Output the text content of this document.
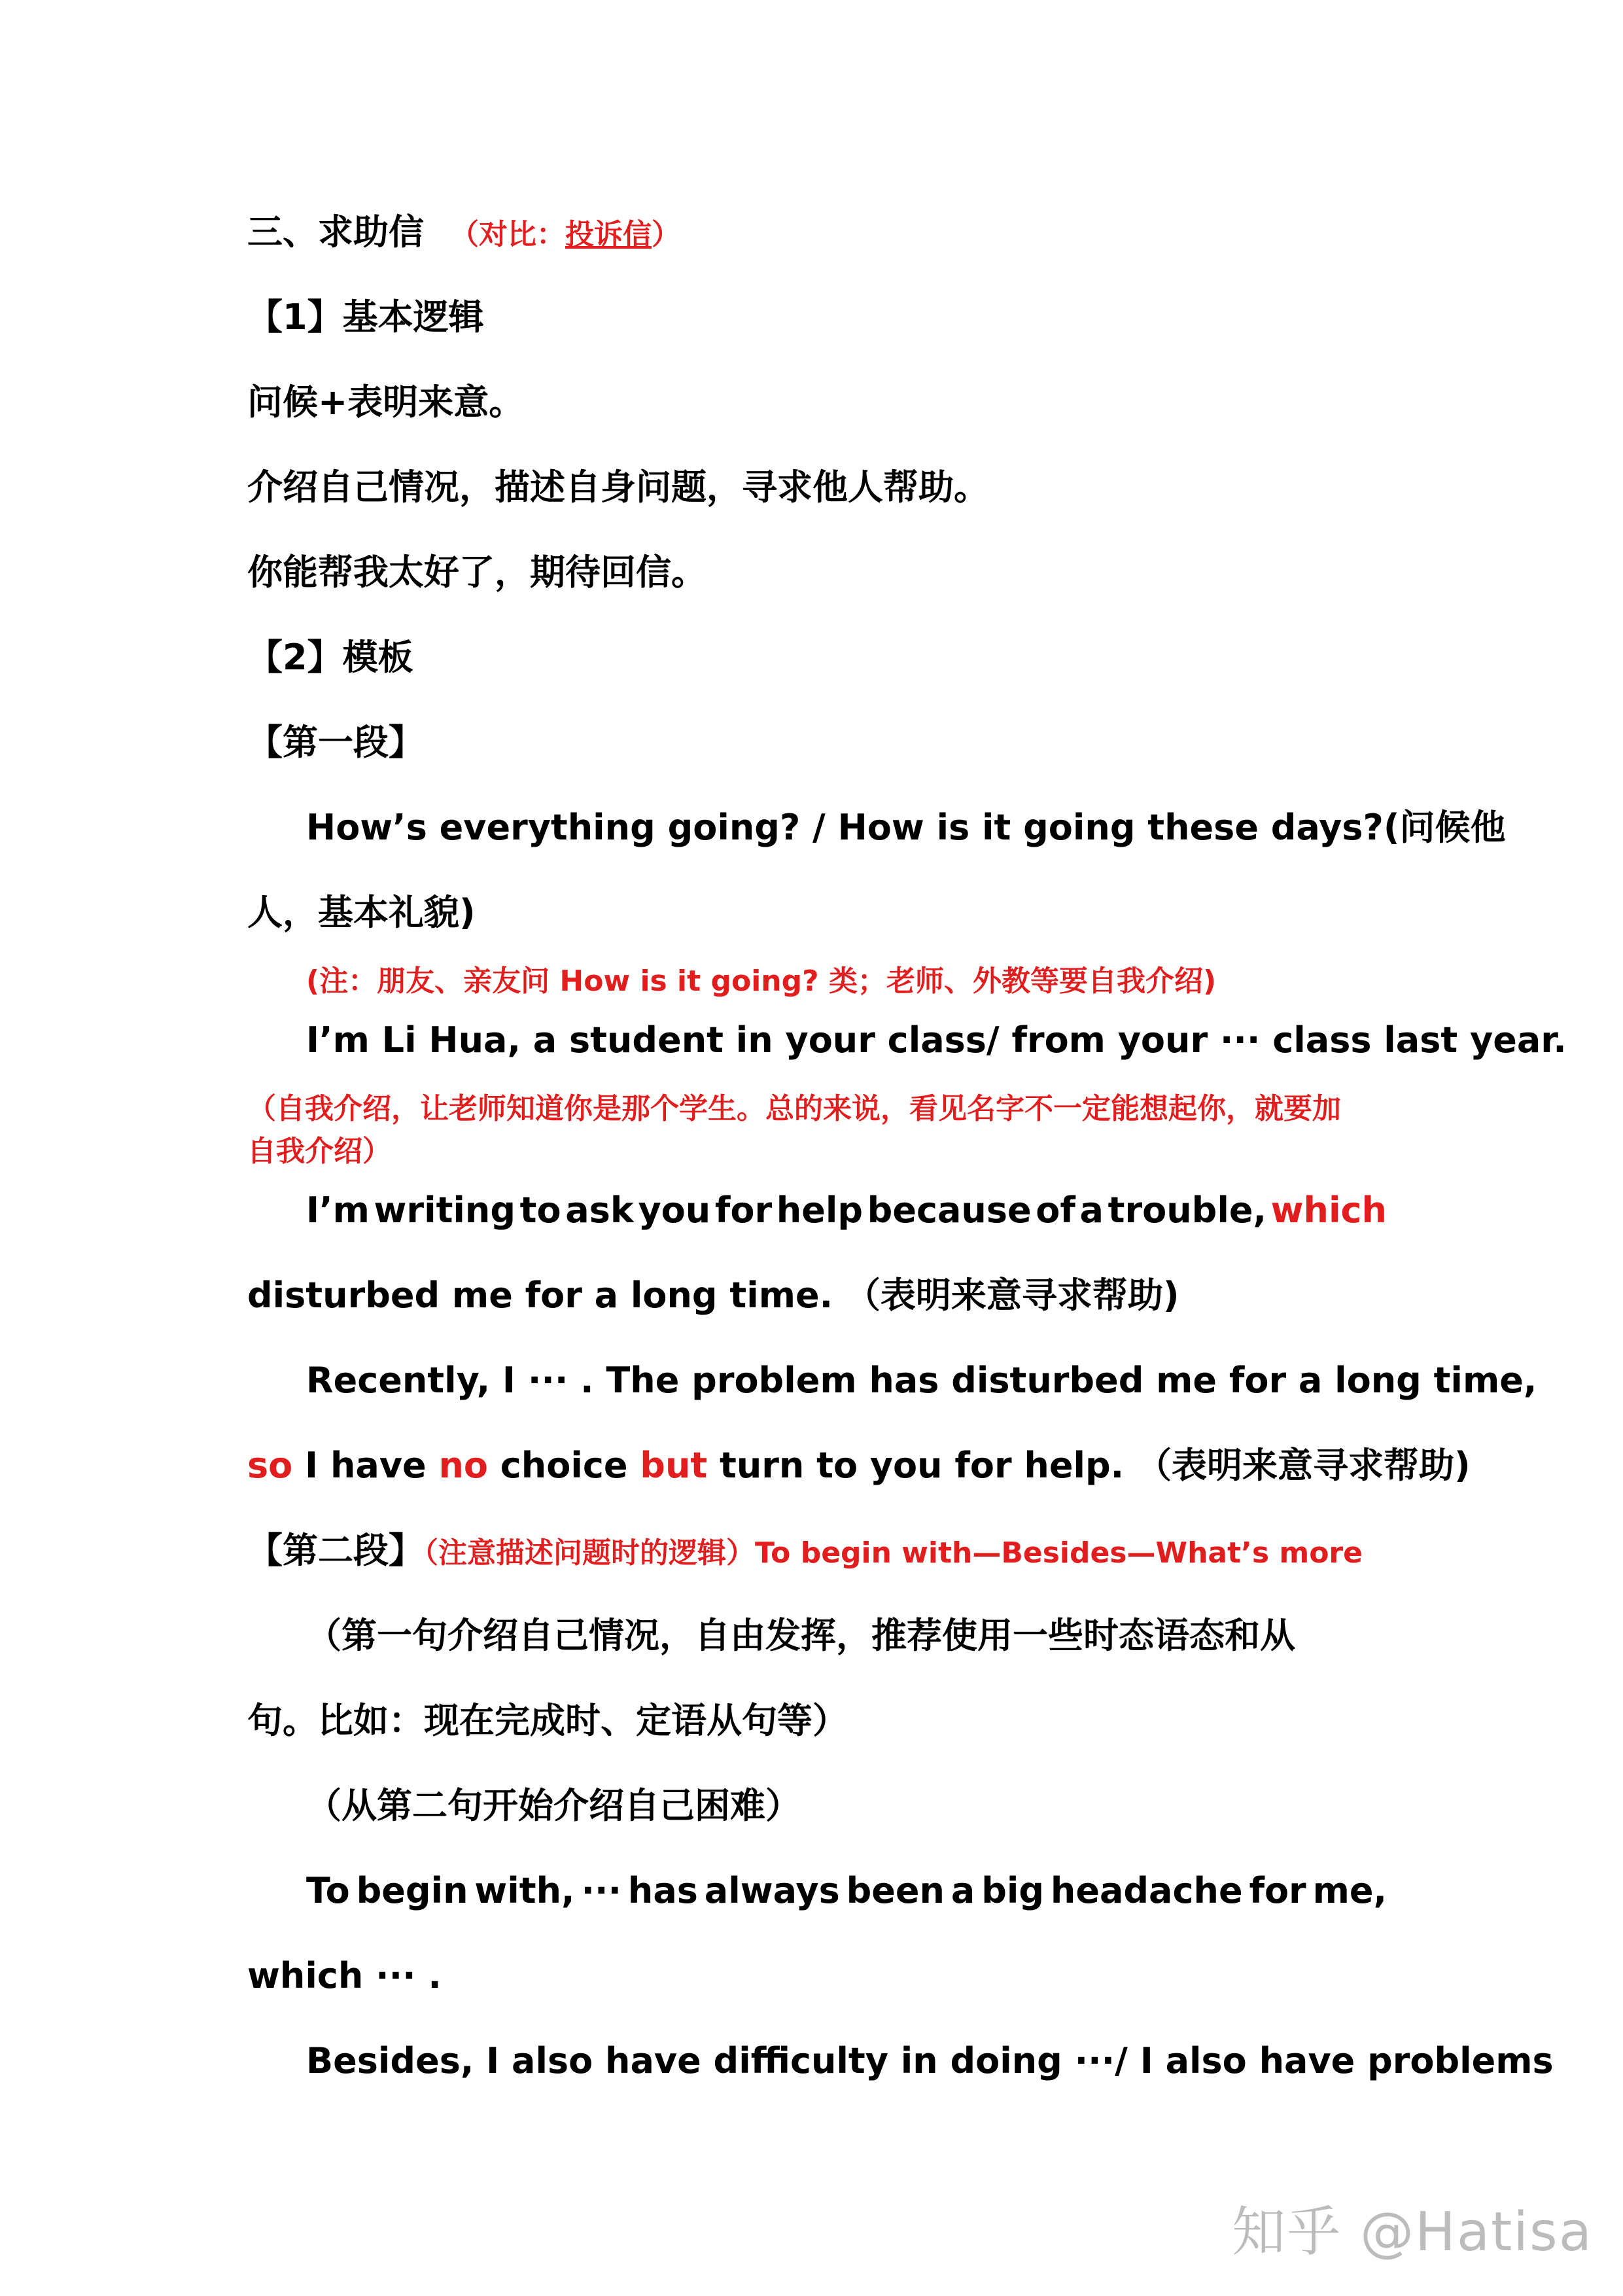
三、求助信 （对比：投诉信）
【1】基本逻辑
问候+表明来意。
介绍自己情况，描述自身问题，寻求他人帮助。
你能帮我太好了，期待回信。
【2】模板
【第一段】
How’s everything going? / How is it going these days?(问候他
人，基本礼貌)
(注：朋友、亲友问 How is it going? 类；老师、外教等要自我介绍)
I’m Li Hua, a student in your class/ from your ··· class last year.
（自我介绍，让老师知道你是那个学生。总的来说，看见名字不一定能想起你，就要加
自我介绍）
I’m writing to ask you for help because of a trouble, which
disturbed me for a long time. （表明来意寻求帮助)
Recently, I ··· . The problem has disturbed me for a long time,
so I have no choice but turn to you for help. （表明来意寻求帮助)
【第二段】（注意描述问题时的逻辑）To begin with—Besides—What’s more
（第一句介绍自己情况，自由发挥，推荐使用一些时态语态和从
句。比如：现在完成时、定语从句等）
（从第二句开始介绍自己困难）
To begin with, ··· has always been a big headache for me,
which ··· .
Besides, I also have difficulty in doing ···/ I also have problems
知乎 @Hatisa
